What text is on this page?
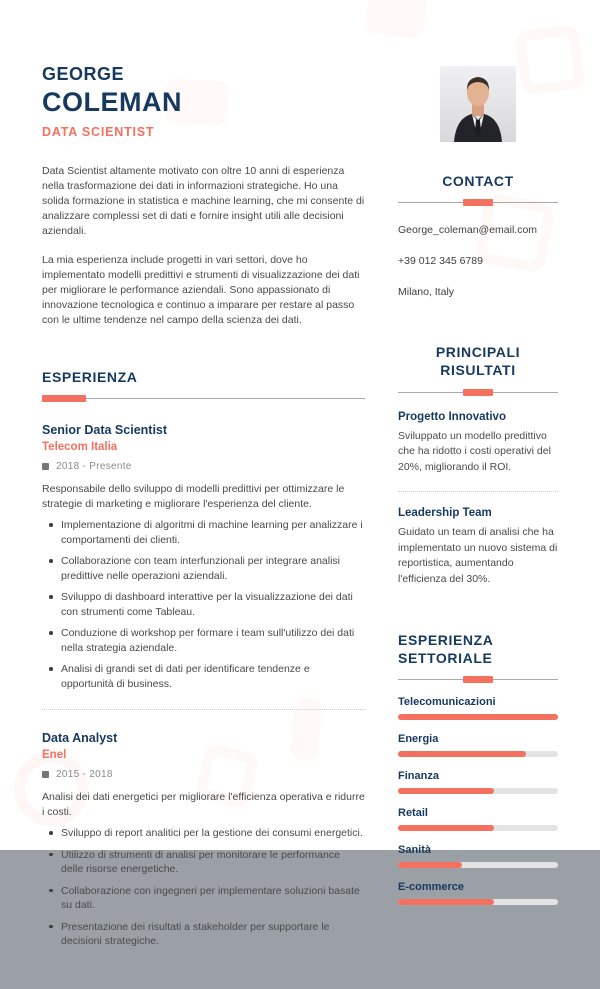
GEORGE
COLEMAN
DATA SCIENTIST

Data Scientist altamente motivato con oltre 10 anni di esperienza nella trasformazione dei dati in informazioni strategiche. Ho una solida formazione in statistica e machine learning, che mi consente di analizzare complessi set di dati e fornire insight utili alle decisioni aziendali.

La mia esperienza include progetti in vari settori, dove ho implementato modelli predittivi e strumenti di visualizzazione dei dati per migliorare le performance aziendali. Sono appassionato di innovazione tecnologica e continuo a imparare per restare al passo con le ultime tendenze nel campo della scienza dei dati.

ESPERIENZA
Senior Data Scientist
Telecom Italia
2018 - Presente
Responsabile dello sviluppo di modelli predittivi per ottimizzare le strategie di marketing e migliorare l'esperienza del cliente.
Implementazione di algoritmi di machine learning per analizzare i comportamenti dei clienti.
Collaborazione con team interfunzionali per integrare analisi predittive nelle operazioni aziendali.
Sviluppo di dashboard interattive per la visualizzazione dei dati con strumenti come Tableau.
Conduzione di workshop per formare i team sull'utilizzo dei dati nella strategia aziendale.
Analisi di grandi set di dati per identificare tendenze e opportunità di business.
Data Analyst
Enel
2015 - 2018
Analisi dei dati energetici per migliorare l'efficienza operativa e ridurre i costi.
Sviluppo di report analitici per la gestione dei consumi energetici.
Utilizzo di strumenti di analisi per monitorare le performance delle risorse energetiche.
Collaborazione con ingegneri per implementare soluzioni basate su dati.
Presentazione dei risultati a stakeholder per supportare le decisioni strategiche.
CONTACT
George_coleman@email.com
+39 012 345 6789
Milano, Italy
PRINCIPALI RISULTATI
Progetto Innovativo
Sviluppato un modello predittivo che ha ridotto i costi operativi del 20%, migliorando il ROI.
Leadership Team
Guidato un team di analisi che ha implementato un nuovo sistema di reportistica, aumentando l'efficienza del 30%.
ESPERIENZA SETTORIALE
Telecomunicazioni
Energia
Finanza
Retail
Sanità
E-commerce
